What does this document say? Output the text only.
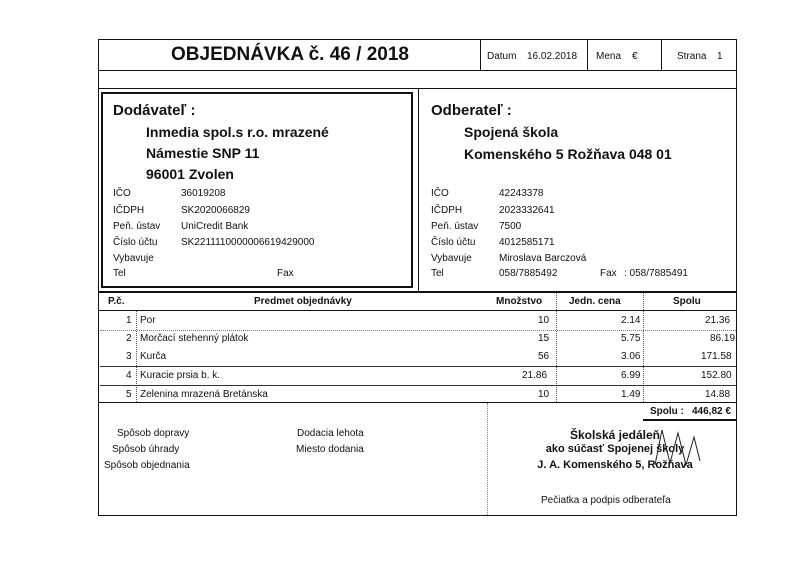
OBJEDNÁVKA č. 46 / 2018	Datum 16.02.2018 Mena €	Strana 1
Dodávateľ :
Inmedia spol.s r.o. mrazené
Námestie SNP 11
96001 Zvolen
IČO	36019208
IČDPH	SK2020066829
Peň. ústav UniCredit Bank
Číslo účtu SK2211110000006619429000
Vybavuje
Tel	Fax
Odberateľ :
Spojená škola
Komenského 5 Rožňava 048 01
IČO	42243378
IČDPH	2023332641
Peň. ústav 7500
Číslo účtu 4012585171
Vybavuje	Miroslava Barczová
Tel	058/7885492	Fax : 058/7885491
P.č.	Predmet objednávky	Množstvo	Jedn. cena	Spolu
1 Por	10	2.14	21.36
2 Morčací stehenný plátok	15	5.75	86.19
3 Kurča	56	3.06	171.58
4 Kuracie prsia b. k.	21.86	6.99	152.80
5 Zelenina mrazená Bretánska	10	1.49	14.88
Spolu : 446,82 €
Spôsob dopravy
Spôsob úhrady
Spôsob objednania
Dodacia lehota
Miesto dodania
Školská jedáleň
ako súčasť Spojenej školy
J. A. Komenského 5, Rožňava
Pečiatka a podpis odberateľa
